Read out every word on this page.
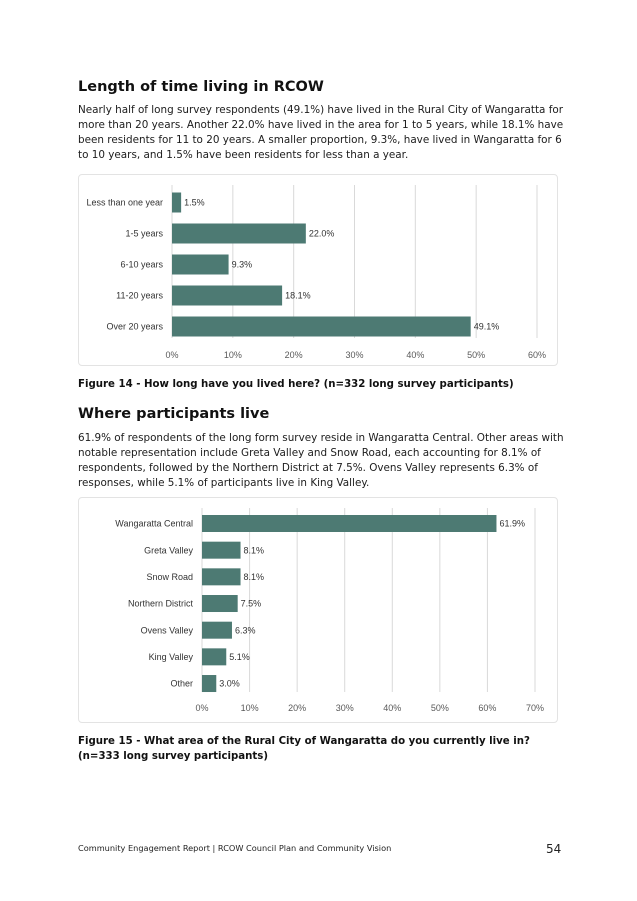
Length of time living in RCOW

Nearly half of long survey respondents (49.1%) have lived in the Rural City of Wangaratta for more than 20 years. Another 22.0% have lived in the area for 1 to 5 years, while 18.1% have been residents for 11 to 20 years. A smaller proportion, 9.3%, have lived in Wangaratta for 6 to 10 years, and 1.5% have been residents for less than a year.

0%	10%	20%	30%	40%	50%	60%
Less than one year 1.5%
1-5 years	22.0%
6-10 years	9.3%
11-20 years	18.1%
Over 20 years	49.1%

Figure 14 - How long have you lived here? (n=332 long survey participants)

Where participants live

61.9% of respondents of the long form survey reside in Wangaratta Central. Other areas with notable representation include Greta Valley and Snow Road, each accounting for 8.1% of respondents, followed by the Northern District at 7.5%. Ovens Valley represents 6.3% of responses, while 5.1% of participants live in King Valley.

0%	10%	20%	30%	40%	50%	60%	70%
Wangaratta Central	61.9%
Greta Valley	8.1%
Snow Road	8.1%
Northern District	7.5%
Ovens Valley	6.3%
King Valley	5.1%
Other	3.0%

Figure 15 - What area of the Rural City of Wangaratta do you currently live in? (n=333 long survey participants)

Community Engagement Report | RCOW Council Plan and Community Vision	54
